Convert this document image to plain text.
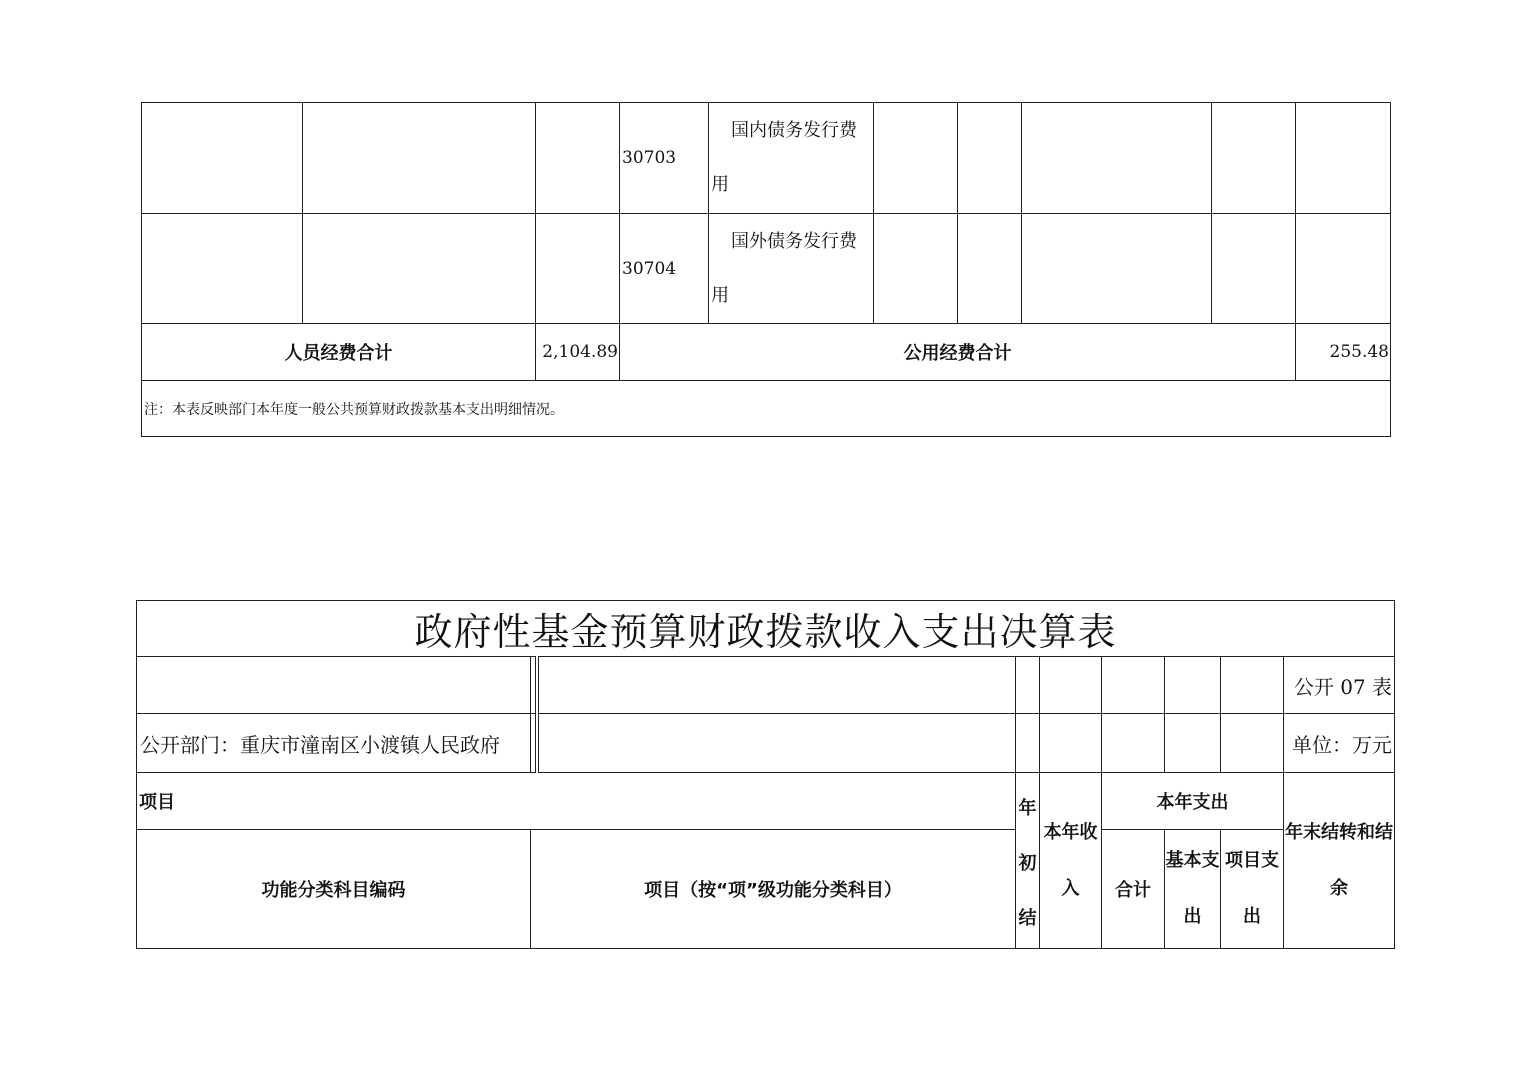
			30703	国内债务发行费
用					

			30704	国外债务发行费
用					

人员经费合计		2,104.89	公用经费合计						255.48
注：本表反映部门本年度一般公共预算财政拨款基本支出明细情况。									
政府性基金预算财政拨款收入支出决算表								
								公开 07 表
公开部门：重庆市潼南区小渡镇人民政府								单位：万元
项目			年初结	本年收入	本年支出			年末结转和结余

功能分类科目编码	项目（按“项”级功能分类科目）				合计	基本支出	项目支出	
